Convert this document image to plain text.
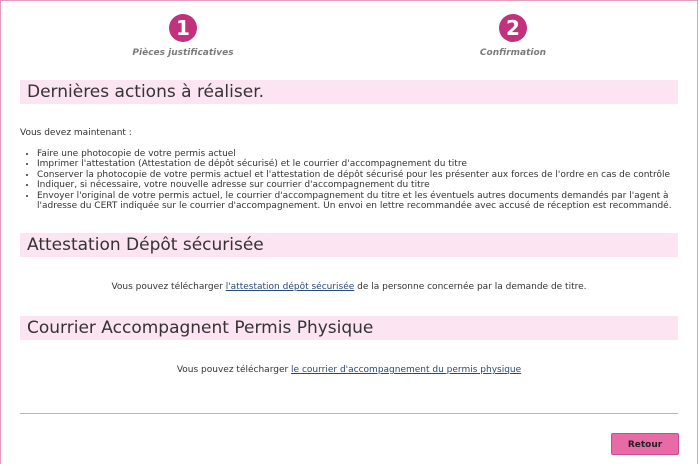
1
Pièces justificatives
2
Confirmation
Dernières actions à réaliser.
Vous devez maintenant :
• Faire une photocopie de votre permis actuel
• Imprimer l'attestation (Attestation de dépôt sécurisé) et le courrier d'accompagnement du titre
• Conserver la photocopie de votre permis actuel et l'attestation de dépôt sécurisé pour les présenter aux forces de l'ordre en cas de contrôle
• Indiquer, si nécessaire, votre nouvelle adresse sur courrier d'accompagnement du titre
• Envoyer l'original de votre permis actuel, le courrier d'accompagnement du titre et les éventuels autres documents demandés par l'agent à l'adresse du CERT indiquée sur le courrier d'accompagnement. Un envoi en lettre recommandée avec accusé de réception est recommandé.
Attestation Dépôt sécurisée
Vous pouvez télécharger l'attestation dépôt sécurisée de la personne concernée par la demande de titre.
Courrier Accompagnent Permis Physique
Vous pouvez télécharger le courrier d'accompagnement du permis physique
Retour
